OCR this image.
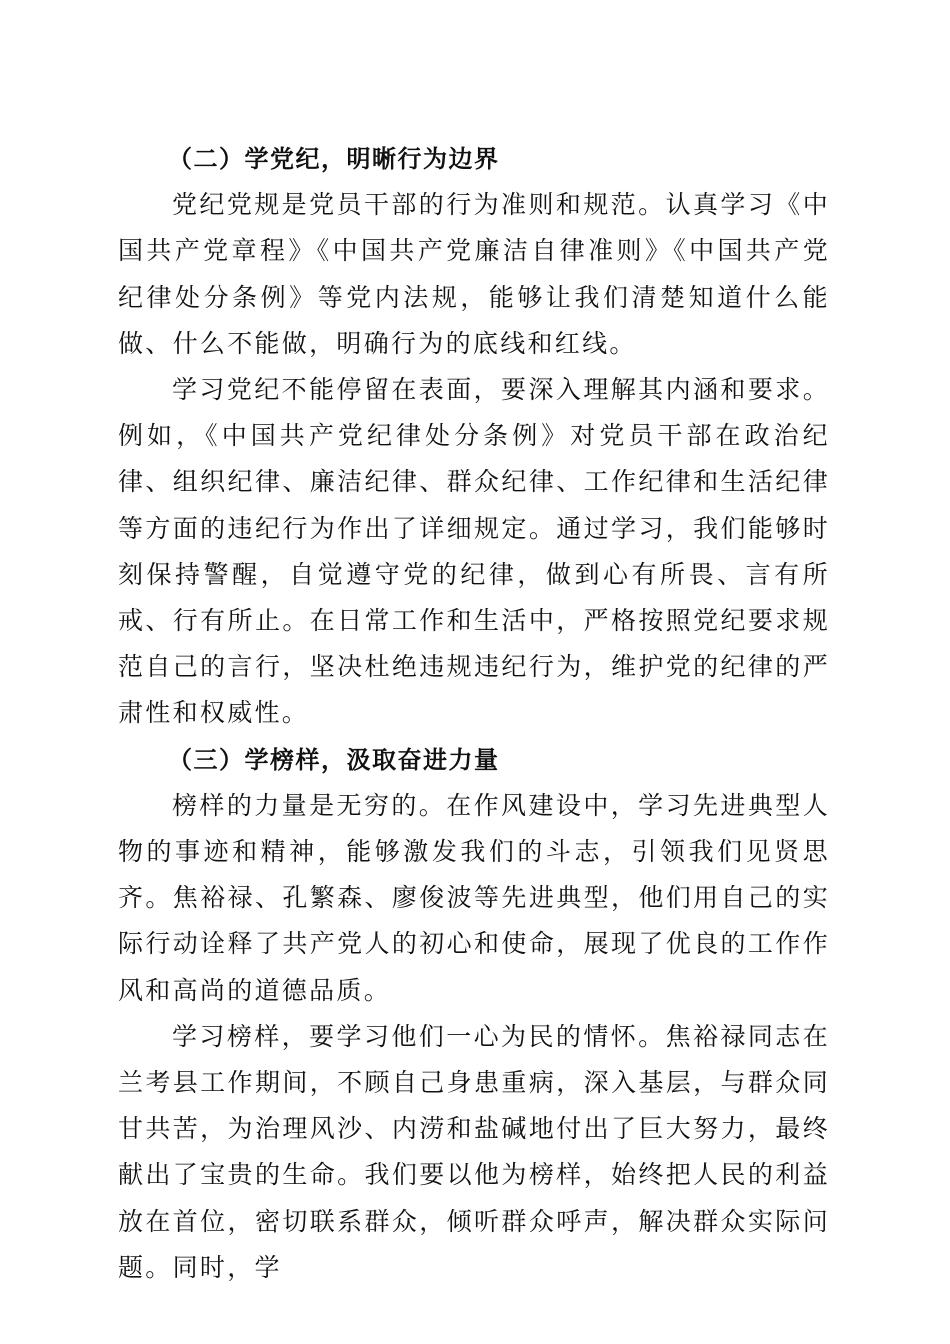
（二）学党纪，明晰行为边界

党纪党规是党员干部的行为准则和规范。认真学习《中国共产党章程》《中国共产党廉洁自律准则》《中国共产党纪律处分条例》等党内法规，能够让我们清楚知道什么能做、什么不能做，明确行为的底线和红线。

学习党纪不能停留在表面，要深入理解其内涵和要求。例如，《中国共产党纪律处分条例》对党员干部在政治纪律、组织纪律、廉洁纪律、群众纪律、工作纪律和生活纪律等方面的违纪行为作出了详细规定。通过学习，我们能够时刻保持警醒，自觉遵守党的纪律，做到心有所畏、言有所戒、行有所止。在日常工作和生活中，严格按照党纪要求规范自己的言行，坚决杜绝违规违纪行为，维护党的纪律的严肃性和权威性。

（三）学榜样，汲取奋进力量

榜样的力量是无穷的。在作风建设中，学习先进典型人物的事迹和精神，能够激发我们的斗志，引领我们见贤思齐。焦裕禄、孔繁森、廖俊波等先进典型，他们用自己的实际行动诠释了共产党人的初心和使命，展现了优良的工作作风和高尚的道德品质。

学习榜样，要学习他们一心为民的情怀。焦裕禄同志在兰考县工作期间，不顾自己身患重病，深入基层，与群众同甘共苦，为治理风沙、内涝和盐碱地付出了巨大努力，最终献出了宝贵的生命。我们要以他为榜样，始终把人民的利益放在首位，密切联系群众，倾听群众呼声，解决群众实际问题。同时，学
